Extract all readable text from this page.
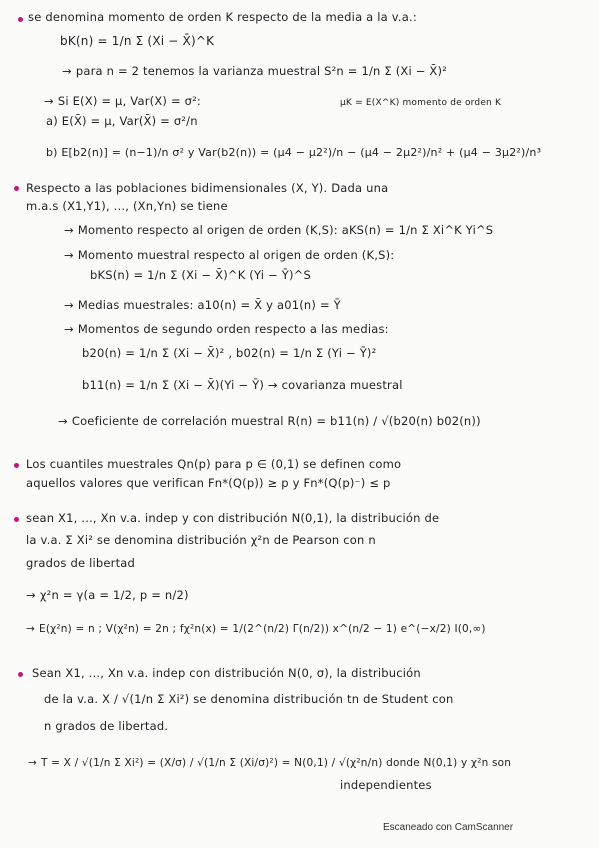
se denomina momento de orden K respecto de la media a la v.a.:
bK(n) = 1/n Σ (Xi − X̄)^K
→ para n = 2 tenemos la varianza muestral S²n = 1/n Σ (Xi − X̄)²
→ Si E(X) = μ, Var(X) = σ²:	μK = E(X^K) momento de orden K
a) E(X̄) = μ, Var(X̄) = σ²/n
b) E[b2(n)] = (n−1)/n σ² y Var(b2(n)) = (μ4 − μ2²)/n − (μ4 − 2μ2²)/n² + (μ4 − 3μ2²)/n³
Respecto a las poblaciones bidimensionales (X, Y). Dada una
m.a.s (X1,Y1), ..., (Xn,Yn) se tiene
→ Momento respecto al origen de orden (K,S): aKS(n) = 1/n Σ Xi^K Yi^S
→ Momento muestral respecto al origen de orden (K,S):
bKS(n) = 1/n Σ (Xi − X̄)^K (Yi − Ȳ)^S
→ Medias muestrales: a10(n) = X̄ y a01(n) = Ȳ
→ Momentos de segundo orden respecto a las medias:
b20(n) = 1/n Σ (Xi − X̄)² , b02(n) = 1/n Σ (Yi − Ȳ)²
b11(n) = 1/n Σ (Xi − X̄)(Yi − Ȳ) → covarianza muestral
→ Coeficiente de correlación muestral R(n) = b11(n) / √(b20(n) b02(n))
Los cuantiles muestrales Qn(p) para p ∈ (0,1) se definen como
aquellos valores que verifican Fn*(Q(p)) ≥ p y Fn*(Q(p)⁻) ≤ p
sean X1, ..., Xn v.a. indep y con distribución N(0,1), la distribución de
la v.a. Σ Xi² se denomina distribución χ²n de Pearson con n
grados de libertad
→ χ²n = γ(a = 1/2, p = n/2)
→ E(χ²n) = n ; V(χ²n) = 2n ; fχ²n(x) = 1/(2^(n/2) Γ(n/2)) x^(n/2 − 1) e^(−x/2) I(0,∞)
Sean X1, ..., Xn v.a. indep con distribución N(0, σ), la distribución
de la v.a. X / √(1/n Σ Xi²) se denomina distribución tn de Student con
n grados de libertad.
→ T = X / √(1/n Σ Xi²) = (X/σ) / √(1/n Σ (Xi/σ)²) = N(0,1) / √(χ²n/n) donde N(0,1) y χ²n son
independientes
Escaneado con CamScanner
